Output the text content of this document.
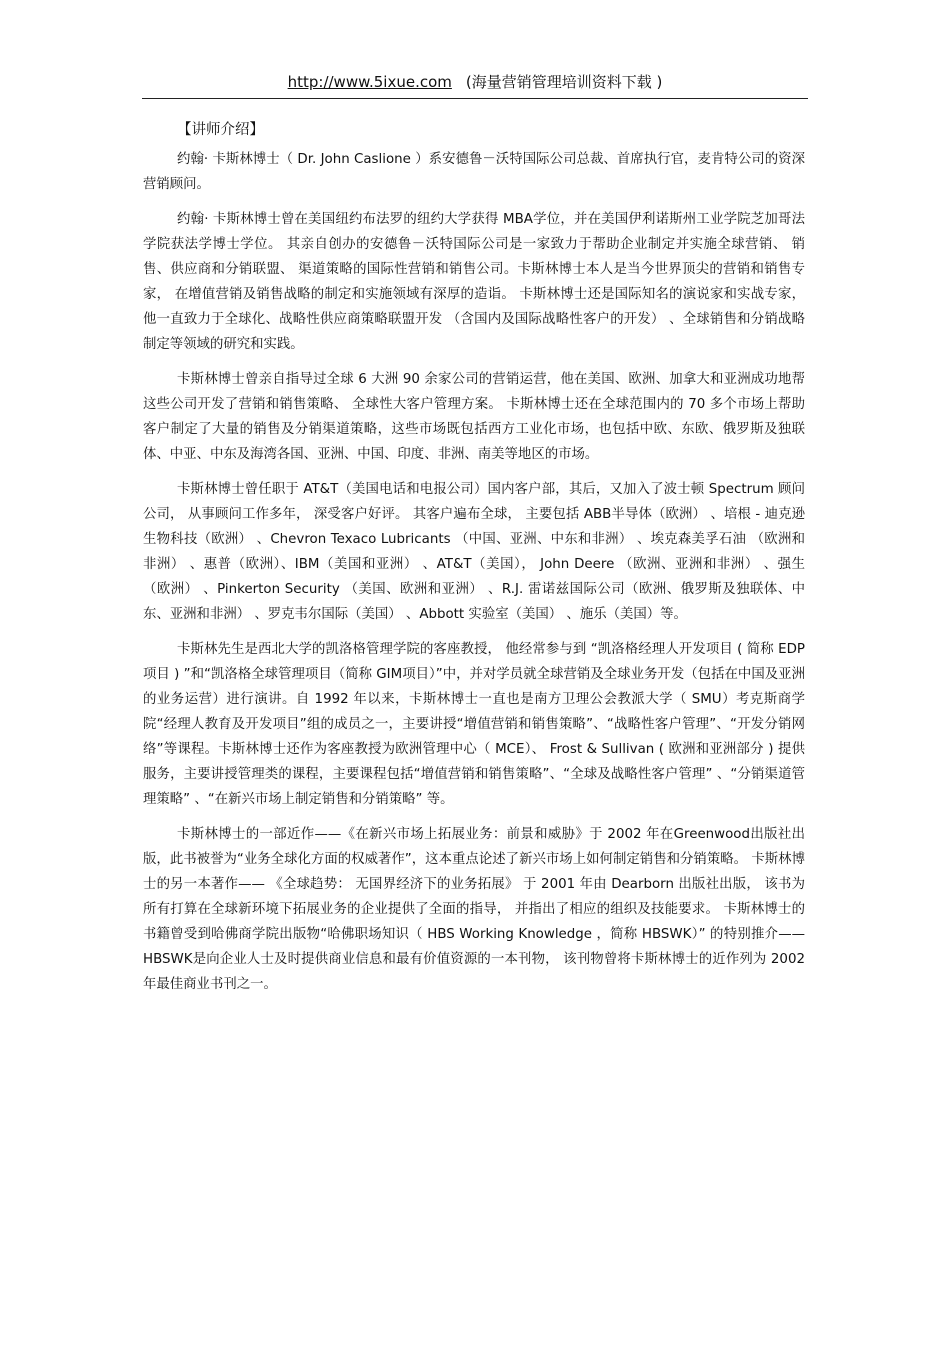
http://www.5ixue.com (海量营销管理培训资料下载 )
【讲师介绍】

约翰· 卡斯林博士（ Dr. John Caslione ）系安德鲁－沃特国际公司总裁、首席执行官，麦肯特公司的资深营销顾问。

约翰· 卡斯林博士曾在美国纽约布法罗的纽约大学获得 MBA学位，并在美国伊利诺斯州工业学院芝加哥法学院获法学博士学位。 其亲自创办的安德鲁－沃特国际公司是一家致力于帮助企业制定并实施全球营销、 销售、供应商和分销联盟、 渠道策略的国际性营销和销售公司。卡斯林博士本人是当今世界顶尖的营销和销售专家， 在增值营销及销售战略的制定和实施领域有深厚的造诣。 卡斯林博士还是国际知名的演说家和实战专家， 他一直致力于全球化、战略性供应商策略联盟开发 （含国内及国际战略性客户的开发） 、全球销售和分销战略制定等领域的研究和实践。

卡斯林博士曾亲自指导过全球 6 大洲 90 余家公司的营销运营，他在美国、欧洲、加拿大和亚洲成功地帮这些公司开发了营销和销售策略、 全球性大客户管理方案。 卡斯林博士还在全球范围内的 70 多个市场上帮助客户制定了大量的销售及分销渠道策略，这些市场既包括西方工业化市场，也包括中欧、东欧、俄罗斯及独联体、中亚、中东及海湾各国、亚洲、中国、印度、非洲、南美等地区的市场。

卡斯林博士曾任职于 AT&T（美国电话和电报公司）国内客户部，其后，又加入了波士顿 Spectrum 顾问公司， 从事顾问工作多年， 深受客户好评。 其客户遍布全球， 主要包括 ABB半导体（欧洲） 、培根 - 迪克逊生物科技（欧洲） 、Chevron Texaco Lubricants （中国、亚洲、中东和非洲） 、埃克森美孚石油 （欧洲和非洲） 、惠普（欧洲）、IBM（美国和亚洲） 、AT&T（美国）， John Deere （欧洲、亚洲和非洲） 、强生（欧洲） 、Pinkerton Security （美国、欧洲和亚洲） 、R.J. 雷诺兹国际公司（欧洲、俄罗斯及独联体、中东、亚洲和非洲） 、罗克韦尔国际（美国） 、Abbott 实验室（美国） 、施乐（美国）等。

卡斯林先生是西北大学的凯洛格管理学院的客座教授， 他经常参与到 “凯洛格经理人开发项目 ( 简称 EDP项目 ) ”和“凯洛格全球管理项目（简称 GIM项目）”中，并对学员就全球营销及全球业务开发（包括在中国及亚洲的业务运营）进行演讲。自 1992 年以来，卡斯林博士一直也是南方卫理公会教派大学（ SMU）考克斯商学院“经理人教育及开发项目”组的成员之一，主要讲授“增值营销和销售策略”、“战略性客户管理”、“开发分销网络”等课程。卡斯林博士还作为客座教授为欧洲管理中心（ MCE）、 Frost & Sullivan ( 欧洲和亚洲部分 ) 提供服务，主要讲授管理类的课程，主要课程包括“增值营销和销售策略”、“全球及战略性客户管理” 、“分销渠道管理策略” 、“在新兴市场上制定销售和分销策略” 等。

卡斯林博士的一部近作——《在新兴市场上拓展业务：前景和威胁》于 2002 年在Greenwood出版社出版，此书被誉为“业务全球化方面的权威著作”，这本重点论述了新兴市场上如何制定销售和分销策略。 卡斯林博士的另一本著作—— 《全球趋势： 无国界经济下的业务拓展》 于 2001 年由 Dearborn 出版社出版， 该书为所有打算在全球新环境下拓展业务的企业提供了全面的指导， 并指出了相应的组织及技能要求。 卡斯林博士的书籍曾受到哈佛商学院出版物“哈佛职场知识（ HBS Working Knowledge ，简称 HBSWK）” 的特别推介——HBSWK是向企业人士及时提供商业信息和最有价值资源的一本刊物， 该刊物曾将卡斯林博士的近作列为 2002 年最佳商业书刊之一。
